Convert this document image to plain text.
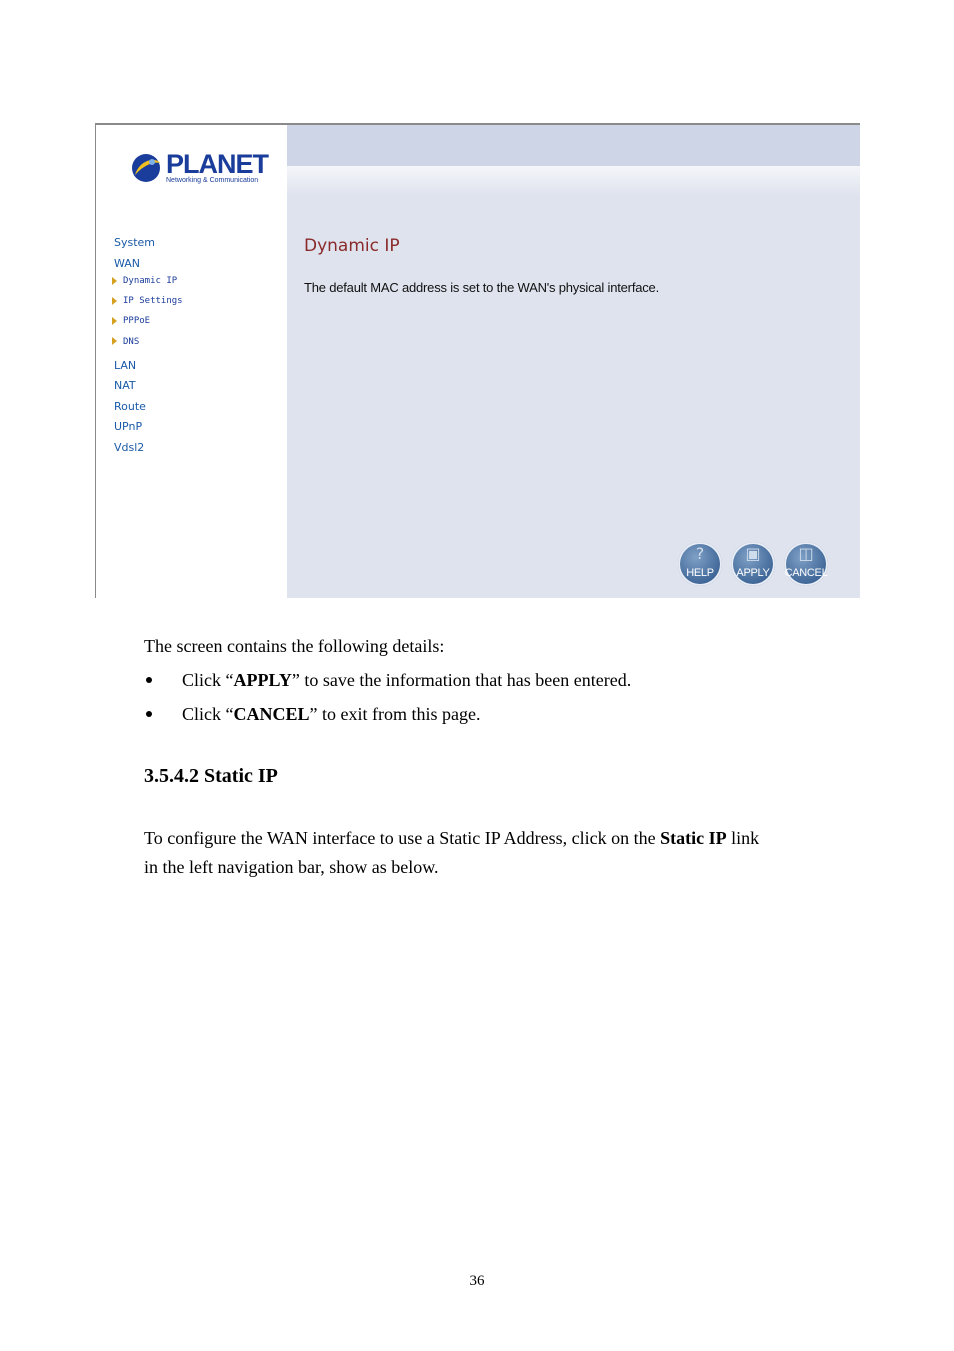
PLANET
Networking & Communication
System
WAN
Dynamic IP
IP Settings
PPPoE
DNS
LAN
NAT
Route
UPnP
Vdsl2
Dynamic IP
The default MAC address is set to the WAN's physical interface.
?
HELP
▣
APPLY
◫
CANCEL
The screen contains the following details:
Click “APPLY” to save the information that has been entered.
Click “CANCEL” to exit from this page.
3.5.4.2 Static IP
To configure the WAN interface to use a Static IP Address, click on the Static IP link
in the left navigation bar, show as below.
36
